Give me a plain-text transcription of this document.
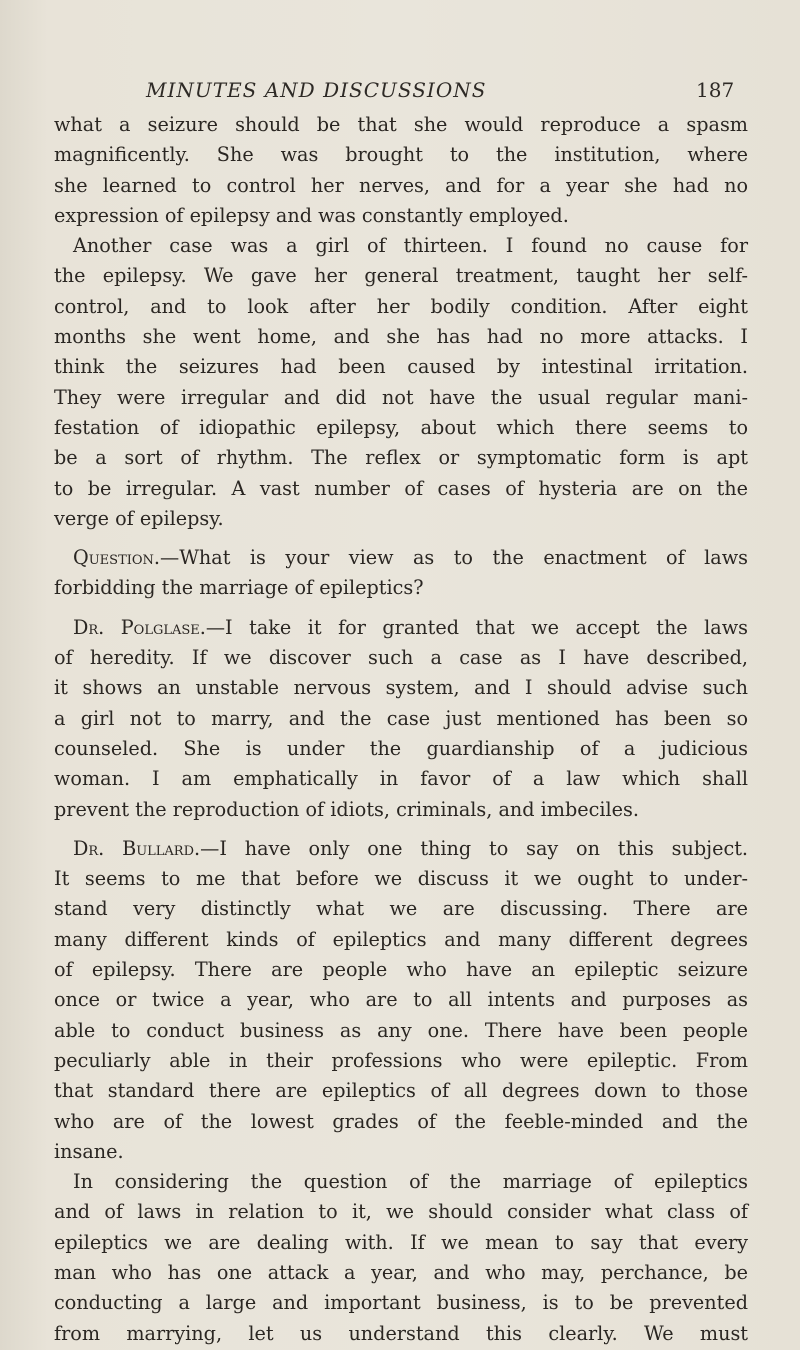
MINUTES AND DISCUSSIONS	187
what a seizure should be that she would reproduce a spasm
magnificently. She was brought to the institution, where
she learned to control her nerves, and for a year she had no
expression of epilepsy and was constantly employed.
Another case was a girl of thirteen. I found no cause for
the epilepsy. We gave her general treatment, taught her self-
control, and to look after her bodily condition. After eight
months she went home, and she has had no more attacks. I
think the seizures had been caused by intestinal irritation.
They were irregular and did not have the usual regular mani-
festation of idiopathic epilepsy, about which there seems to
be a sort of rhythm. The reflex or symptomatic form is apt
to be irregular. A vast number of cases of hysteria are on the
verge of epilepsy.
Question.—What is your view as to the enactment of laws
forbidding the marriage of epileptics?
Dr. Polglase.—I take it for granted that we accept the laws
of heredity. If we discover such a case as I have described,
it shows an unstable nervous system, and I should advise such
a girl not to marry, and the case just mentioned has been so
counseled. She is under the guardianship of a judicious
woman. I am emphatically in favor of a law which shall
prevent the reproduction of idiots, criminals, and imbeciles.
Dr. Bullard.—I have only one thing to say on this subject.
It seems to me that before we discuss it we ought to under-
stand very distinctly what we are discussing. There are
many different kinds of epileptics and many different degrees
of epilepsy. There are people who have an epileptic seizure
once or twice a year, who are to all intents and purposes as
able to conduct business as any one. There have been people
peculiarly able in their professions who were epileptic. From
that standard there are epileptics of all degrees down to those
who are of the lowest grades of the feeble-minded and the
insane.
In considering the question of the marriage of epileptics
and of laws in relation to it, we should consider what class of
epileptics we are dealing with. If we mean to say that every
man who has one attack a year, and who may, perchance, be
conducting a large and important business, is to be prevented
from marrying, let us understand this clearly. We must
